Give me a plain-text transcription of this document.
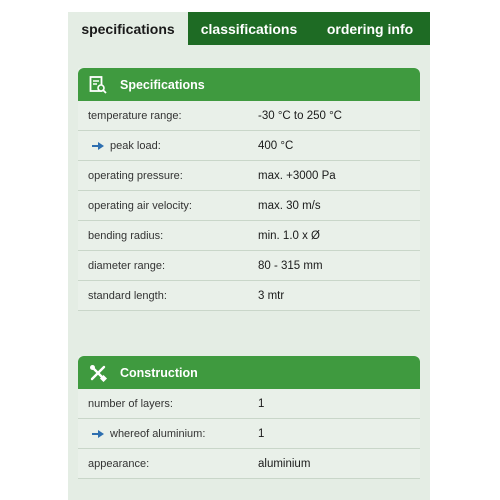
specifications	classifications	ordering info
Specifications
temperature range:	-30 °C to 250 °C
peak load:	400 °C
operating pressure:	max. +3000 Pa
operating air velocity:	max. 30 m/s
bending radius:	min. 1.0 x Ø
diameter range:	80 - 315 mm
standard length:	3 mtr
Construction
number of layers:	1
whereof aluminium:	1
appearance:	aluminium
